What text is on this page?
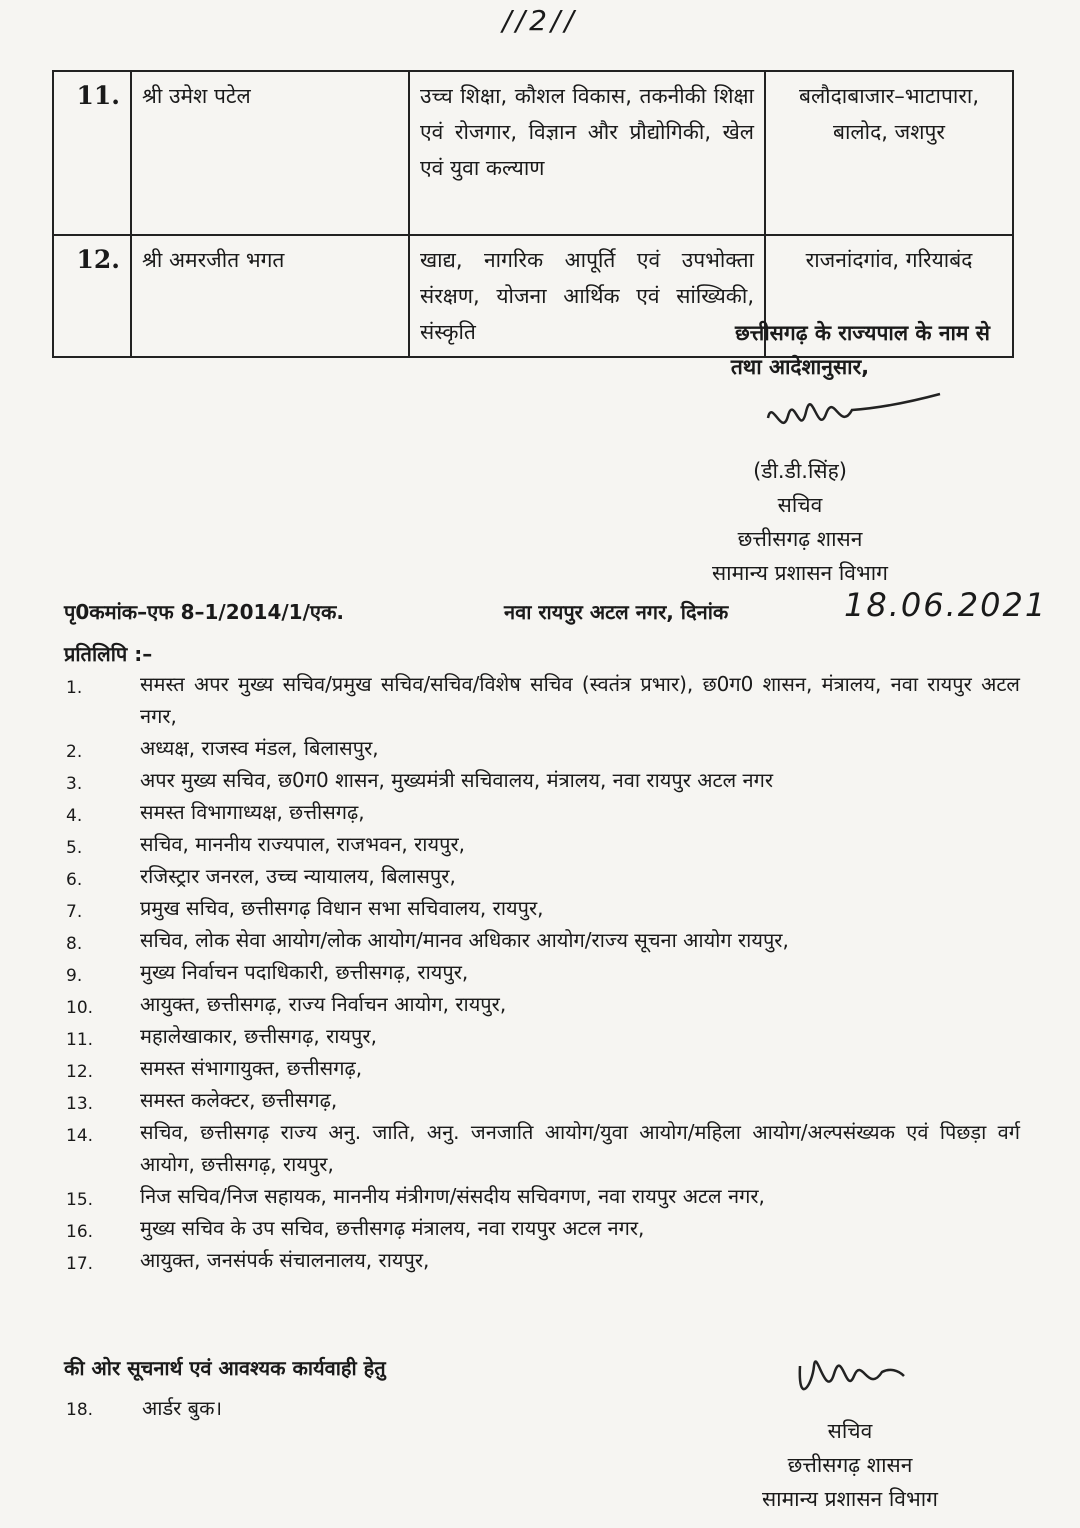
//2//
11.	श्री उमेश पटेल	उच्च शिक्षा, कौशल विकास, तकनीकी शिक्षा एवं रोजगार, विज्ञान और प्रौद्योगिकी, खेल एवं युवा कल्याण	बलौदाबाजार–भाटापारा, बालोद, जशपुर
12.	श्री अमरजीत भगत	खाद्य, नागरिक आपूर्ति एवं उपभोक्ता संरक्षण, योजना आर्थिक एवं सांख्यिकी, संस्कृति	राजनांदगांव, गरियाबंद
छत्तीसगढ़ के राज्यपाल के नाम से
तथा आदेशानुसार,
(डी.डी.सिंह)
सचिव
छत्तीसगढ़ शासन
सामान्य प्रशासन विभाग
पृ0कमांक–एफ 8–1/2014/1/एक.	नवा रायपुर अटल नगर, दिनांक	18.06.2021
प्रतिलिपि :–
1.	समस्त अपर मुख्य सचिव/प्रमुख सचिव/सचिव/विशेष सचिव (स्वतंत्र प्रभार), छ0ग0 शासन, मंत्रालय, नवा रायपुर अटल नगर,
2.	अध्यक्ष, राजस्व मंडल, बिलासपुर,
3.	अपर मुख्य सचिव, छ0ग0 शासन, मुख्यमंत्री सचिवालय, मंत्रालय, नवा रायपुर अटल नगर
4.	समस्त विभागाध्यक्ष, छत्तीसगढ़,
5.	सचिव, माननीय राज्यपाल, राजभवन, रायपुर,
6.	रजिस्ट्रार जनरल, उच्च न्यायालय, बिलासपुर,
7.	प्रमुख सचिव, छत्तीसगढ़ विधान सभा सचिवालय, रायपुर,
8.	सचिव, लोक सेवा आयोग/लोक आयोग/मानव अधिकार आयोग/राज्य सूचना आयोग रायपुर,
9.	मुख्य निर्वाचन पदाधिकारी, छत्तीसगढ़, रायपुर,
10. आयुक्त, छत्तीसगढ़, राज्य निर्वाचन आयोग, रायपुर,
11. महालेखाकार, छत्तीसगढ़, रायपुर,
12. समस्त संभागायुक्त, छत्तीसगढ़,
13. समस्त कलेक्टर, छत्तीसगढ़,
14. सचिव, छत्तीसगढ़ राज्य अनु. जाति, अनु. जनजाति आयोग/युवा आयोग/महिला आयोग/अल्पसंख्यक एवं पिछड़ा वर्ग आयोग, छत्तीसगढ़, रायपुर,
15. निज सचिव/निज सहायक, माननीय मंत्रीगण/संसदीय सचिवगण, नवा रायपुर अटल नगर,
16. मुख्य सचिव के उप सचिव, छत्तीसगढ़ मंत्रालय, नवा रायपुर अटल नगर,
17. आयुक्त, जनसंपर्क संचालनालय, रायपुर,
की ओर सूचनार्थ एवं आवश्यक कार्यवाही हेतु
18. आर्डर बुक।
सचिव
छत्तीसगढ़ शासन
सामान्य प्रशासन विभाग
